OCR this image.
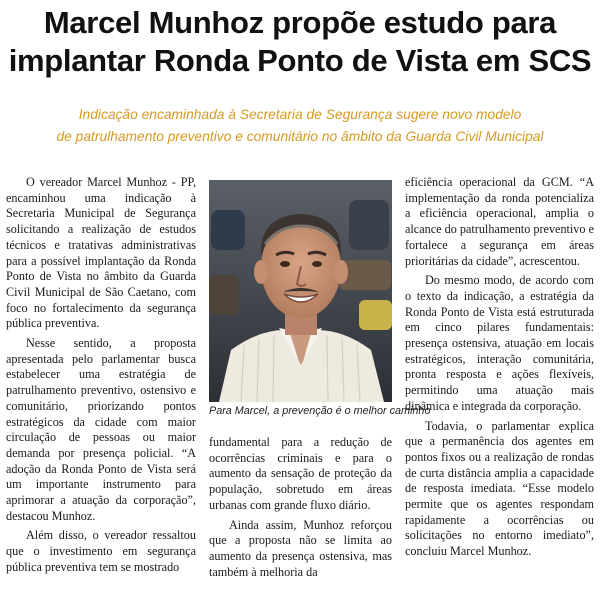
Marcel Munhoz propõe estudo para
implantar Ronda Ponto de Vista em SCS

Indicação encaminhada à Secretaria de Segurança sugere novo modelo
de patrulhamento preventivo e comunitário no âmbito da Guarda Civil Municipal

O vereador Marcel Munhoz - PP, encaminhou uma indicação à Secretaria Municipal de Segurança solicitando a realização de estudos técnicos e tratativas administrativas para a possível implantação da Ronda Ponto de Vista no âmbito da Guarda Civil Municipal de São Caetano, com foco no fortalecimento da segurança pública preventiva.

Nesse sentido, a proposta apresentada pelo parlamentar busca estabelecer uma estratégia de patrulhamento preventivo, ostensivo e comunitário, priorizando pontos estratégicos da cidade com maior circulação de pessoas ou maior demanda por presença policial. “A adoção da Ronda Ponto de Vista será um importante instrumento para aprimorar a atuação da corporação”, destacou Munhoz.

Além disso, o vereador ressaltou que o investimento em segurança pública preventiva tem se mostrado

Para Marcel, a prevenção é o melhor caminho

fundamental para a redução de ocorrências criminais e para o aumento da sensação de proteção da população, sobretudo em áreas urbanas com grande fluxo diário.

Ainda assim, Munhoz reforçou que a proposta não se limita ao aumento da presença ostensiva, mas também à melhoria da

eficiência operacional da GCM. “A implementação da ronda potencializa a eficiência operacional, amplia o alcance do patrulhamento preventivo e fortalece a segurança em áreas prioritárias da cidade”, acrescentou.

Do mesmo modo, de acordo com o texto da indicação, a estratégia da Ronda Ponto de Vista está estruturada em cinco pilares fundamentais: presença ostensiva, atuação em locais estratégicos, interação comunitária, pronta resposta e ações flexíveis, permitindo uma atuação mais dinâmica e integrada da corporação.

Todavia, o parlamentar explica que a permanência dos agentes em pontos fixos ou a realização de rondas de curta distância amplia a capacidade de resposta imediata. “Esse modelo permite que os agentes respondam rapidamente a ocorrências ou solicitações no entorno imediato”, concluiu Marcel Munhoz.
